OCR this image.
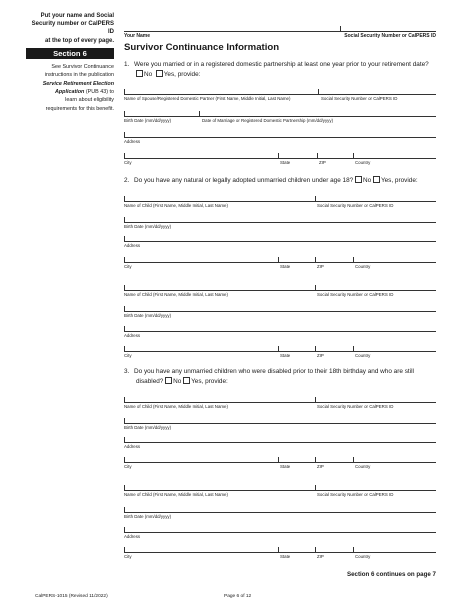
Put your name and Social
Security number or CalPERS ID
at the top of every page.
Section 6
See Survivor Continuance
instructions in the publication
Service Retirement Election
Application (PUB 43) to
learn about eligibility
requirements for this benefit.
Your Name	Social Security Number or CalPERS ID
Survivor Continuance Information
1. Were you married or in a registered domestic partnership at least one year prior to your retirement date?
No Yes, provide:
Name of Spouse/Registered Domestic Partner (First Name, Middle Initial, Last Name)	Social Security Number or CalPERS ID
Birth Date (mm/dd/yyyy)	Date of Marriage or Registered Domestic Partnership (mm/dd/yyyy)
Address
City	State	ZIP	Country
2. Do you have any natural or legally adopted unmarried children under age 18? No Yes, provide:
Name of Child (First Name, Middle Initial, Last Name)	Social Security Number or CalPERS ID
Birth Date (mm/dd/yyyy)
Address
City	State	ZIP	Country
Name of Child (First Name, Middle Initial, Last Name)	Social Security Number or CalPERS ID
Birth Date (mm/dd/yyyy)
Address
City	State	ZIP	Country
3. Do you have any unmarried children who were disabled prior to their 18th birthday and who are still
disabled? No Yes, provide:
Name of Child (First Name, Middle Initial, Last Name)	Social Security Number or CalPERS ID
Birth Date (mm/dd/yyyy)
Address
City	State	ZIP	Country
Name of Child (First Name, Middle Initial, Last Name)	Social Security Number or CalPERS ID
Birth Date (mm/dd/yyyy)
Address
City	State	ZIP	Country
Section 6 continues on page 7
CalPERS-1015 (Revised 11/2022)	Page 6 of 12
